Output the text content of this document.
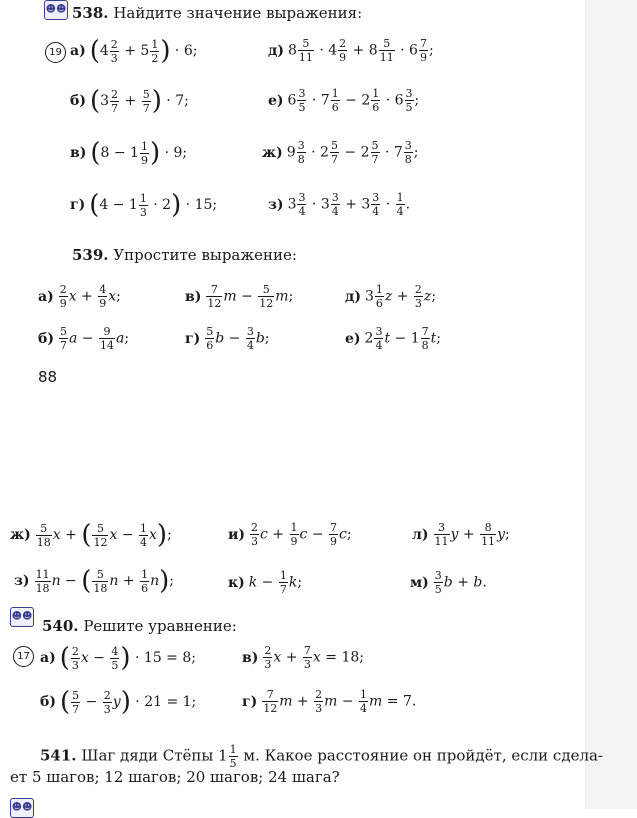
☻☻ 538. Найдите значение выражения:
19 а) ($4 \frac{2}{3} + 5 \frac{1}{2}$ ) · 6;	д) $8 \frac{5}{11} \cdot 4 \frac{2}{9} + 8 \frac{5}{11} \cdot 6 \frac{7}{9}$ ;
б) ($3 \frac{2}{7} + \frac{5}{7}$ ) · 7;	е) $6 \frac{3}{5} \cdot 7 \frac{1}{6} - 2 \frac{1}{6} \cdot 6 \frac{3}{5}$ ;
в) ($8 - 1 \frac{1}{9}$ ) · 9;	ж) $9 \frac{3}{8} \cdot 2 \frac{5}{7} - 2 \frac{5}{7} \cdot 7 \frac{3}{8}$ ;
г) $(4 - 1 \frac{1}{3} \cdot 2) \cdot 15$;	з) $3 \frac{3}{4} \cdot 3 \frac{3}{4} + 3 \frac{3}{4} \cdot \frac{1}{4}$ .
539. Упростите выражение:
$а) \frac{2}{9}$ $x + \frac{4}{9} x$;	$в) \frac{7}{12}$ $m - \frac{5}{12} m$;	д) $3 \frac{1}{6}$ $z + \frac{2}{3} z$;
$б) \frac{5}{7}$ $a - \frac{9}{14} a$;	$г) \frac{5}{6}$ $b - \frac{3}{4} b$;	е) $2 \frac{3}{4}$ $t - 1 \frac{7}{8} t$;
88
$ж) \frac{5}{18}$ x + ( $\frac{5}{12}$ $x - \frac{1}{4} x$);	$и) \frac{2}{3}$ $c + \frac{1}{9}$ $c - \frac{7}{9} c$;	$л) \frac{3}{11}$ $y + \frac{8}{11} y$;
$з) \frac{11}{18}$ n − ( $\frac{5}{18}$ $n + \frac{1}{6} n$);	к) $k - \frac{1}{7} k$;	$м) \frac{3}{5}$ b + b.
☻☻
540. Решите уравнение:
17 а) ( $\frac{2}{3}$ $x - \frac{4}{5}$ ) · 15 = 8;	$в) \frac{2}{3}$ $x + \frac{7}{3}$ x = 18;
б) ( $\frac{5}{7} - \frac{2}{3} y) \cdot 21 = 1$;	$г) \frac{7}{12}$ $m + \frac{2}{3}$ $m - \frac{1}{4}$ m = 7.
541. Шаг дяди Стёпы $1 \frac{1}{5} м$. Какое расстояние он пройдёт, если сдела-
ет 5 шагов; 12 шагов; 20 шагов; 24 шага?
☻☻
